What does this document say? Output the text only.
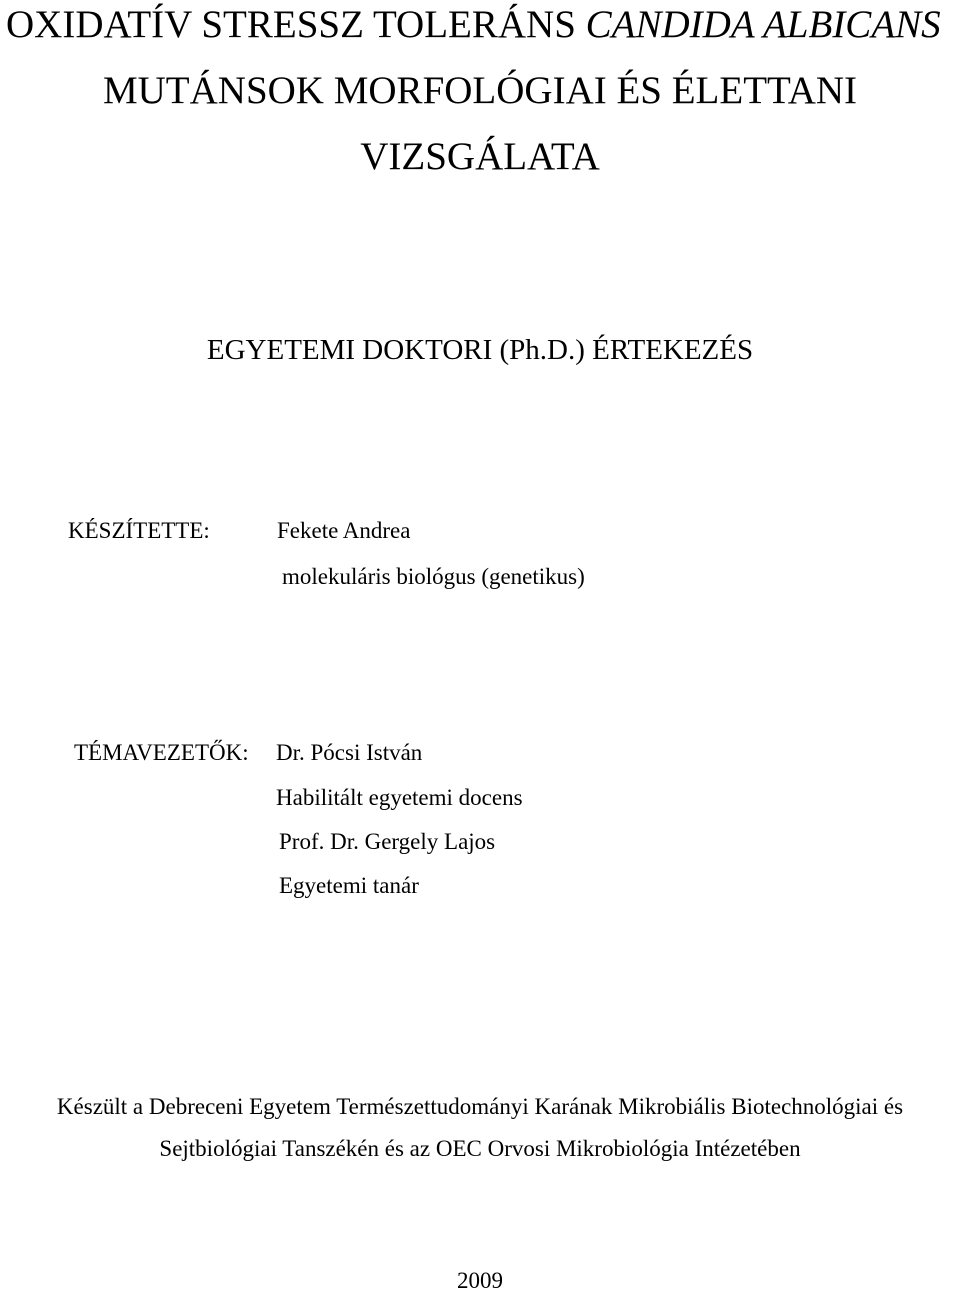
OXIDATÍV STRESSZ TOLERÁNS CANDIDA ALBICANS
MUTÁNSOK MORFOLÓGIAI ÉS ÉLETTANI
VIZSGÁLATA
EGYETEMI DOKTORI (Ph.D.) ÉRTEKEZÉS
KÉSZÍTETTE:	Fekete Andrea
molekuláris biológus (genetikus)
TÉMAVEZETŐK: Dr. Pócsi István
Habilitált egyetemi docens
Prof. Dr. Gergely Lajos
Egyetemi tanár
Készült a Debreceni Egyetem Természettudományi Karának Mikrobiális Biotechnológiai és
Sejtbiológiai Tanszékén és az OEC Orvosi Mikrobiológia Intézetében
2009
